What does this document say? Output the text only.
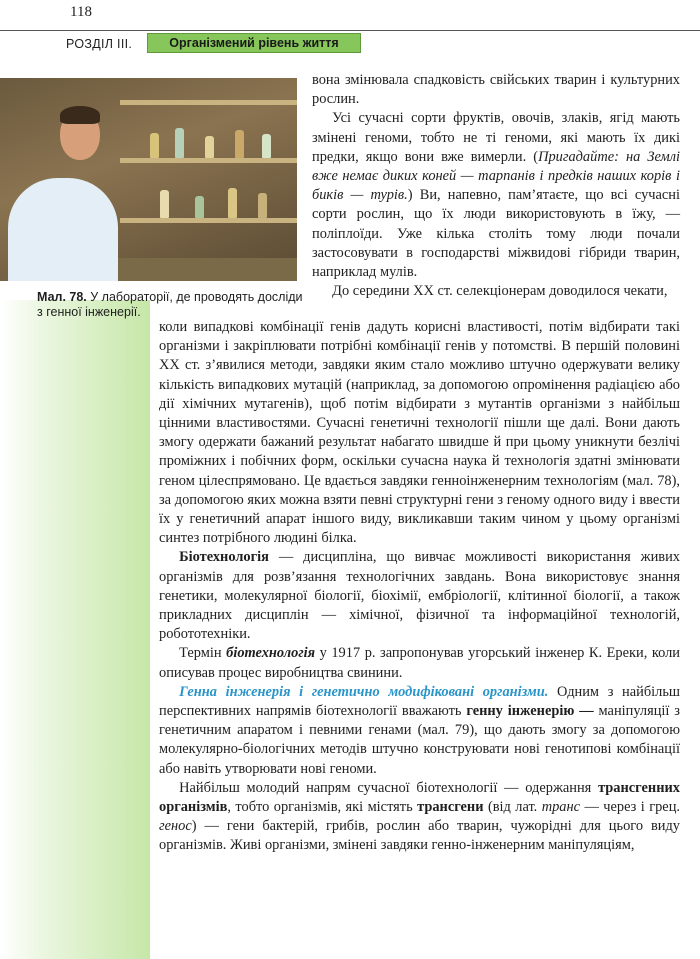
118
РОЗДІЛ III.	Організмений рівень життя
Мал. 78. У лабораторії, де проводять досліди з генної інженерії.

вона змінювала спадковість свійських тварин і культурних рослин.

Усі сучасні сорти фруктів, овочів, злаків, ягід мають змінені геноми, тобто не ті геноми, які мають їх дикі предки, якщо вони вже вимерли. (Пригадайте: на Землі вже немає диких коней — тарпанів і предків наших корів і биків — турів.) Ви, напевно, пам’ятаєте, що всі сучасні сорти рослин, що їх люди використовують в їжу, — поліплоїди. Уже кілька століть тому люди почали застосовувати в господарстві міжвидові гібриди тварин, наприклад мулів.

До середини XX ст. селекціонерам доводилося чекати,

коли випадкові комбінації генів дадуть корисні властивості, потім відбирати такі організми і закріплювати потрібні комбінації генів у потомстві. В першій половині XX ст. з’явилися методи, завдяки яким стало можливо штучно одержувати велику кількість випадкових мутацій (наприклад, за допомогою опромінення радіацією або дії хімічних мутагенів), щоб потім відбирати з мутантів організми з найбільш цінними властивостями. Сучасні генетичні технології пішли ще далі. Вони дають змогу одержати бажаний результат набагато швидше й при цьому уникнути безлічі проміжних і побічних форм, оскільки сучасна наука й технологія здатні змінювати геном цілеспрямовано. Це вдається завдяки генноінженерним технологіям (мал. 78), за допомогою яких можна взяти певні структурні гени з геному одного виду і ввести їх у генетичний апарат іншого виду, викликавши таким чином у цьому організмі синтез потрібного людині білка.

Біотехнологія — дисципліна, що вивчає можливості використання живих організмів для розв’язання технологічних завдань. Вона використовує знання генетики, молекулярної біології, біохімії, ембріології, клітинної біології, а також прикладних дисциплін — хімічної, фізичної та інформаційної технологій, робототехніки.

Термін біотехнологія у 1917 р. запропонував угорський інженер К. Ереки, коли описував процес виробництва свинини.

Генна інженерія і генетично модифіковані організми. Одним з найбільш перспективних напрямів біотехнології вважають генну інженерію — маніпуляції з генетичним апаратом і певними генами (мал. 79), що дають змогу за допомогою молекулярно-біологічних методів штучно конструювати нові генотипові комбінації або навіть утворювати нові геноми.

Найбільш молодий напрям сучасної біотехнології — одержання трансгенних організмів, тобто організмів, які містять трансгени (від лат. транс — через і грец. генос) — гени бактерій, грибів, рослин або тварин, чужорідні для цього виду організмів. Живі організми, змінені завдяки генно-інженерним маніпуляціям,
